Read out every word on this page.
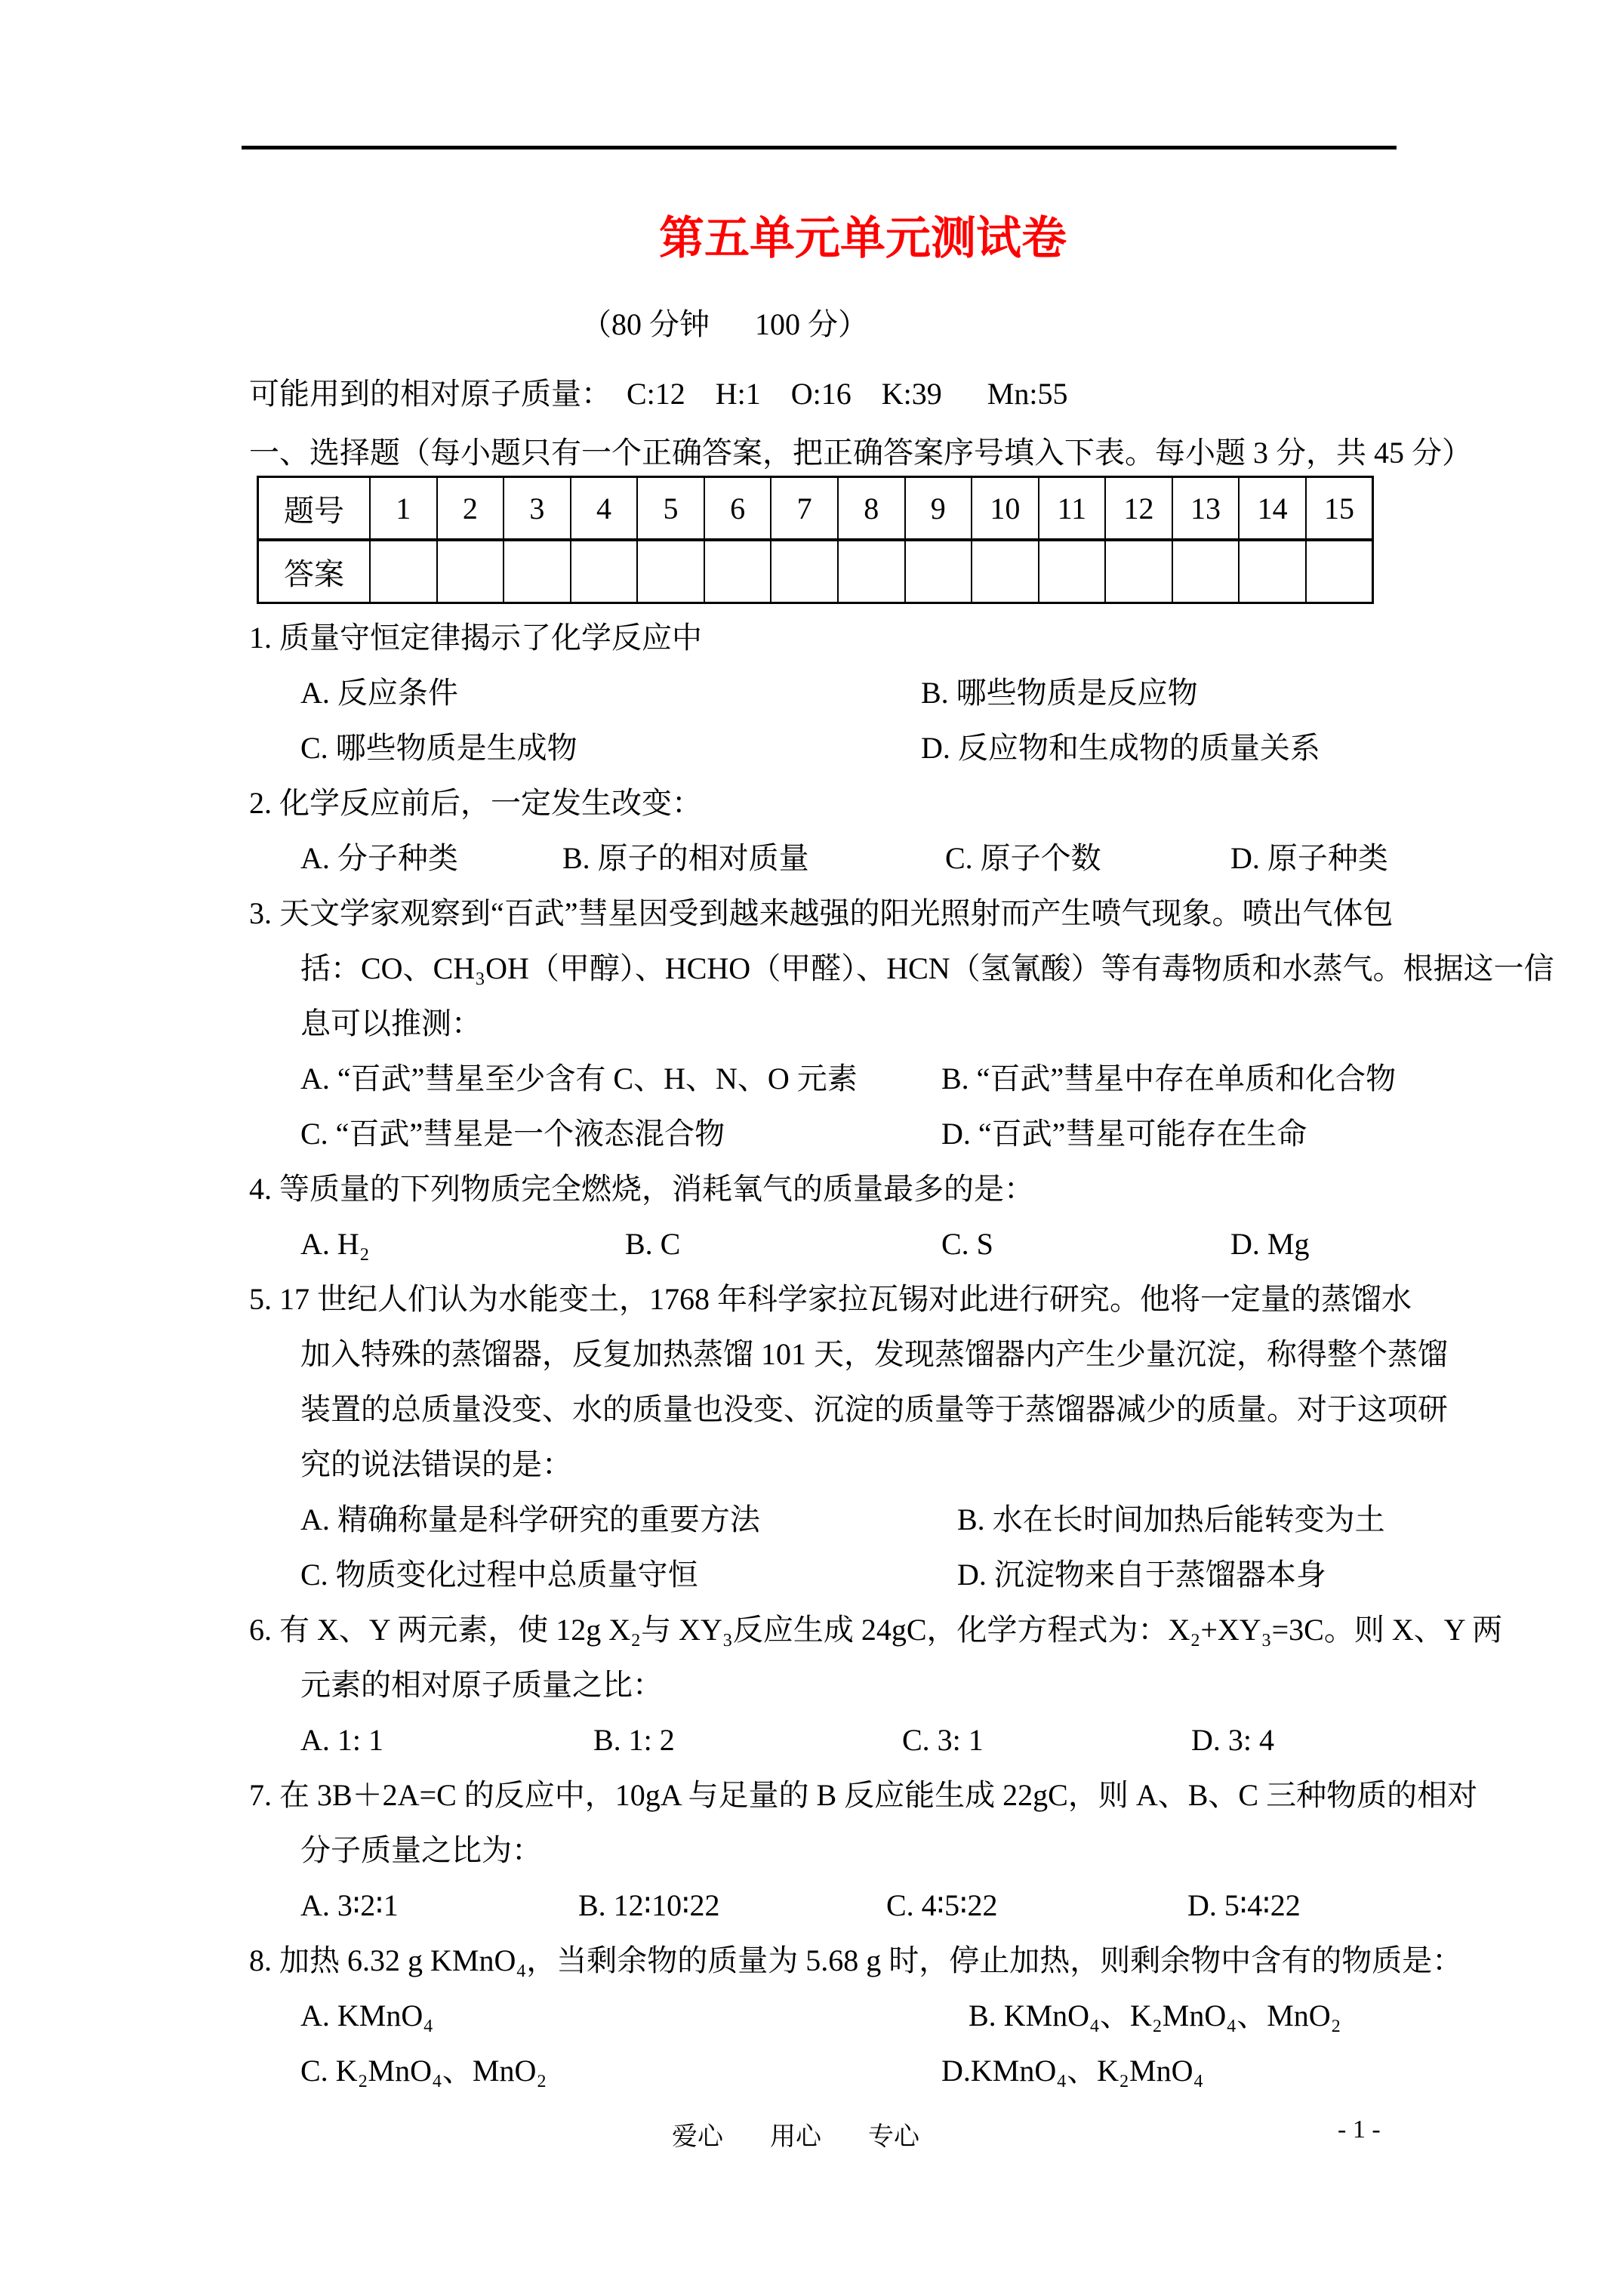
第五单元单元测试卷
（80 分钟      100 分）
可能用到的相对原子质量：  C:12    H:1    O:16    K:39      Mn:55
一、选择题（每小题只有一个正确答案，把正确答案序号填入下表。每小题 3 分，共 45 分）
题号	1	2	3	4	5	6	7	8	9	10	11	12	13	14	15
答案															
1. 质量守恒定律揭示了化学反应中
A. 反应条件	B. 哪些物质是反应物
C. 哪些物质是生成物	D. 反应物和生成物的质量关系
2. 化学反应前后，一定发生改变：
A. 分子种类	B. 原子的相对质量	C. 原子个数	D. 原子种类
3. 天文学家观察到“百武”彗星因受到越来越强的阳光照射而产生喷气现象。喷出气体包
括：CO、CH₃OH（甲醇）、HCHO（甲醛）、HCN（氢氰酸）等有毒物质和水蒸气。根据这一信
息可以推测：
A. “百武”彗星至少含有 C、H、N、O 元素	B. “百武”彗星中存在单质和化合物
C. “百武”彗星是一个液态混合物	D. “百武”彗星可能存在生命
4. 等质量的下列物质完全燃烧，消耗氧气的质量最多的是：
A. H₂	B. C	C. S	D. Mg
5. 17 世纪人们认为水能变土，1768 年科学家拉瓦锡对此进行研究。他将一定量的蒸馏水
加入特殊的蒸馏器，反复加热蒸馏 101 天，发现蒸馏器内产生少量沉淀，称得整个蒸馏
装置的总质量没变、水的质量也没变、沉淀的质量等于蒸馏器减少的质量。对于这项研
究的说法错误的是：
A. 精确称量是科学研究的重要方法	B. 水在长时间加热后能转变为土
C. 物质变化过程中总质量守恒	D. 沉淀物来自于蒸馏器本身
6. 有 X、Y 两元素，使 12g X₂与 XY₃反应生成 24gC，化学方程式为：X₂+XY₃=3C。则 X、Y 两
元素的相对原子质量之比：
A. 1: 1	B. 1: 2	C. 3: 1	D. 3: 4
7. 在 3B＋2A=C 的反应中，10gA 与足量的 B 反应能生成 22gC，则 A、B、C 三种物质的相对
分子质量之比为：
A. 3∶2∶1	B. 12∶10∶22	C. 4∶5∶22	D. 5∶4∶22
8. 加热 6.32 g KMnO₄，当剩余物的质量为 5.68 g 时，停止加热，则剩余物中含有的物质是：
A. KMnO₄	B. KMnO₄、K₂MnO₄、MnO₂
C. K₂MnO₄、MnO₂	D.KMnO₄、K₂MnO₄
爱心 用心 专心	- 1 -
